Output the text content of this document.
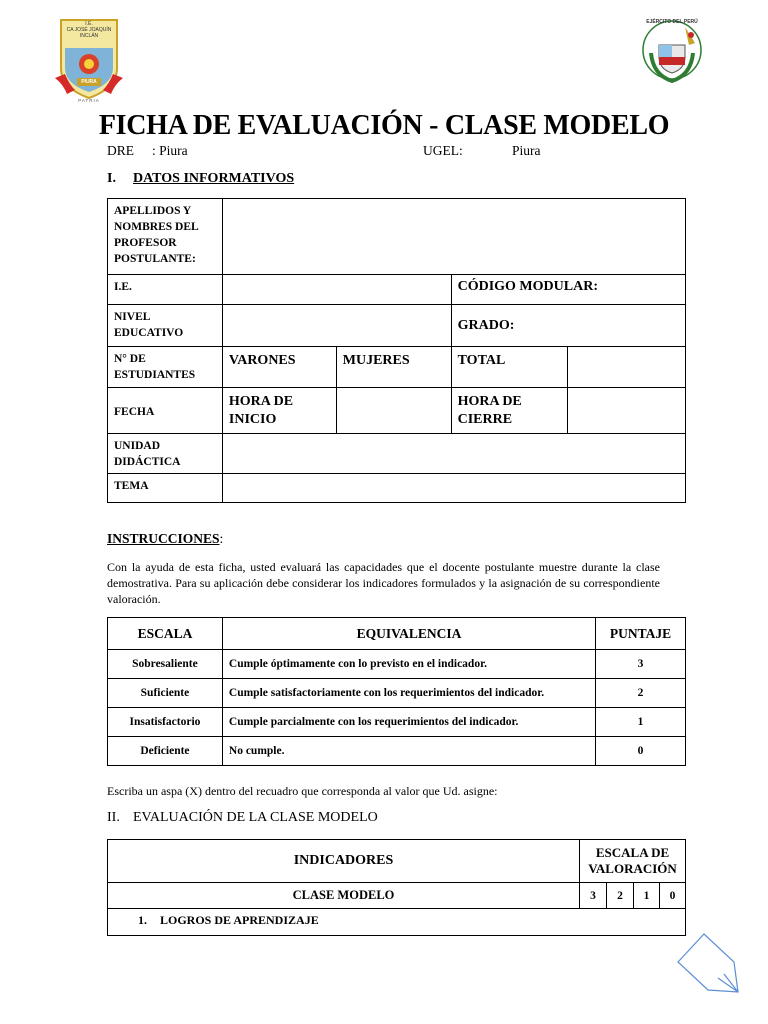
I.E.
CA JOSÉ JOAQUÍN
INCLÁN
PIURA
PATRIA
EJÉRCITO DEL PERÚ
FICHA DE EVALUACIÓN - CLASE MODELO
DRE : Piura	UGEL:	Piura
I. DATOS INFORMATIVOS
APELLIDOS Y NOMBRES DEL PROFESOR POSTULANTE:				
I.E.			CÓDIGO MODULAR:	
NIVEL EDUCATIVO			GRADO:	
N° DE ESTUDIANTES	VARONES	MUJERES	TOTAL	
FECHA	HORA DE INICIO		HORA DE CIERRE	
UNIDAD DIDÁCTICA				
TEMA				
INSTRUCCIONES:
Con la ayuda de esta ficha, usted evaluará las capacidades que el docente postulante muestre durante la clase demostrativa. Para su aplicación debe considerar los indicadores formulados y la asignación de su correspondiente valoración.
ESCALA	EQUIVALENCIA	PUNTAJE
Sobresaliente	Cumple óptimamente con lo previsto en el indicador.	3
Suficiente	Cumple satisfactoriamente con los requerimientos del indicador.	2
Insatisfactorio	Cumple parcialmente con los requerimientos del indicador.	1
Deficiente	No cumple.	0
Escriba un aspa (X) dentro del recuadro que corresponda al valor que Ud. asigne:
II. EVALUACIÓN DE LA CLASE MODELO
INDICADORES	ESCALA DE VALORACIÓN			
CLASE MODELO	3	2	1	0
1. LOGROS DE APRENDIZAJE				
